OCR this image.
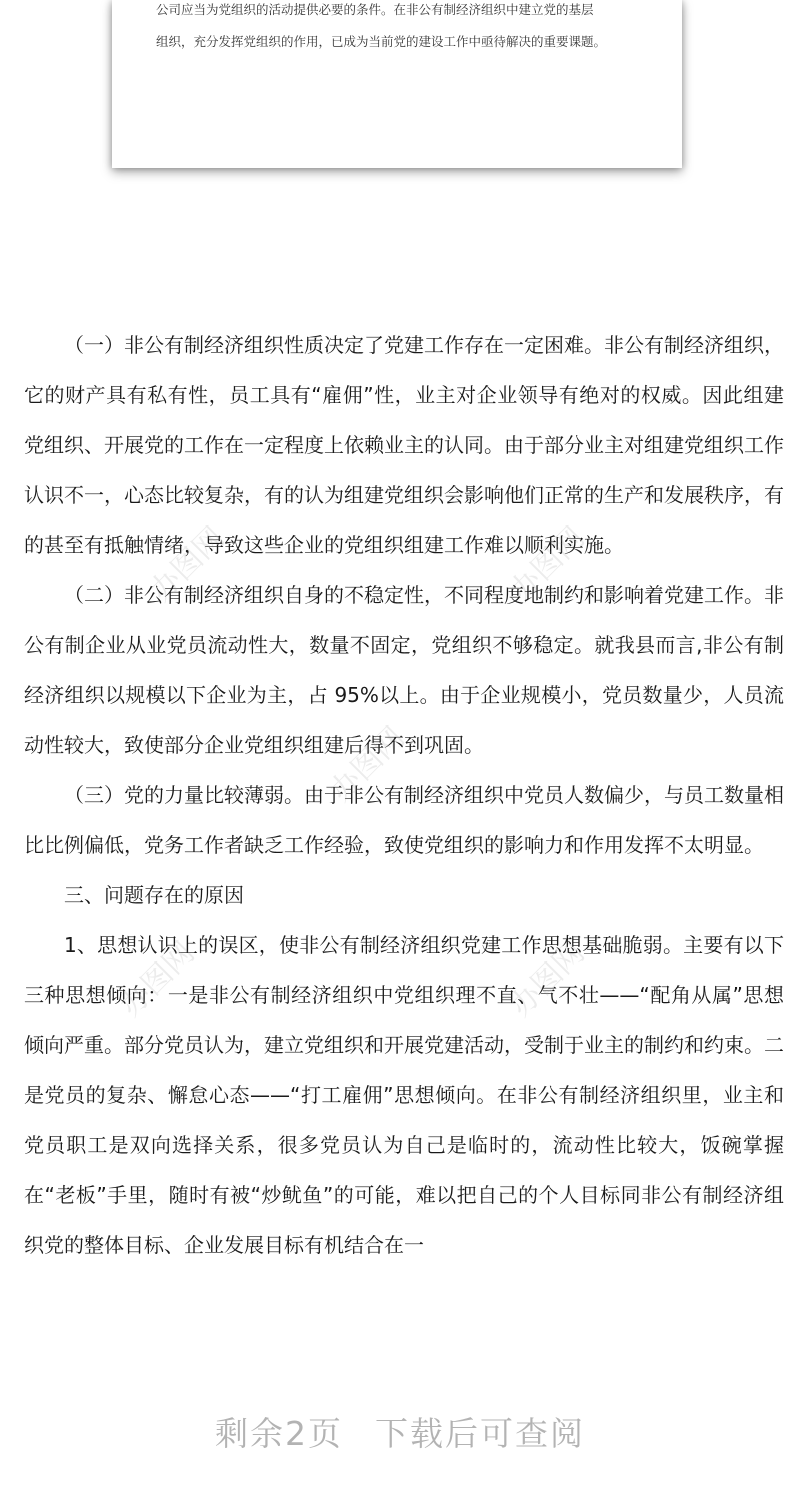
公司应当为党组织的活动提供必要的条件。在非公有制经济组织中建立党的基层
组织，充分发挥党组织的作用，已成为当前党的建设工作中亟待解决的重要课题。

（一）非公有制经济组织性质决定了党建工作存在一定困难。非公有制经济组织，它的财产具有私有性，员工具有“雇佣”性，业主对企业领导有绝对的权威。因此组建党组织、开展党的工作在一定程度上依赖业主的认同。由于部分业主对组建党组织工作认识不一，心态比较复杂，有的认为组建党组织会影响他们正常的生产和发展秩序，有的甚至有抵触情绪，导致这些企业的党组织组建工作难以顺利实施。

（二）非公有制经济组织自身的不稳定性，不同程度地制约和影响着党建工作。非公有制企业从业党员流动性大，数量不固定，党组织不够稳定。就我县而言,非公有制经济组织以规模以下企业为主，占 95%以上。由于企业规模小，党员数量少，人员流动性较大，致使部分企业党组织组建后得不到巩固。

（三）党的力量比较薄弱。由于非公有制经济组织中党员人数偏少，与员工数量相比比例偏低，党务工作者缺乏工作经验，致使党组织的影响力和作用发挥不太明显。

三、问题存在的原因

1、思想认识上的误区，使非公有制经济组织党建工作思想基础脆弱。主要有以下三种思想倾向：一是非公有制经济组织中党组织理不直、气不壮——“配角从属”思想倾向严重。部分党员认为，建立党组织和开展党建活动，受制于业主的制约和约束。二是党员的复杂、懈怠心态——“打工雇佣”思想倾向。在非公有制经济组织里，业主和党员职工是双向选择关系，很多党员认为自己是临时的，流动性比较大，饭碗掌握在“老板”手里，随时有被“炒鱿鱼”的可能，难以把自己的个人目标同非公有制经济组织党的整体目标、企业发展目标有机结合在一

办图网	办图网
办图网
办图网	办图网
剩余2页 下载后可查阅
